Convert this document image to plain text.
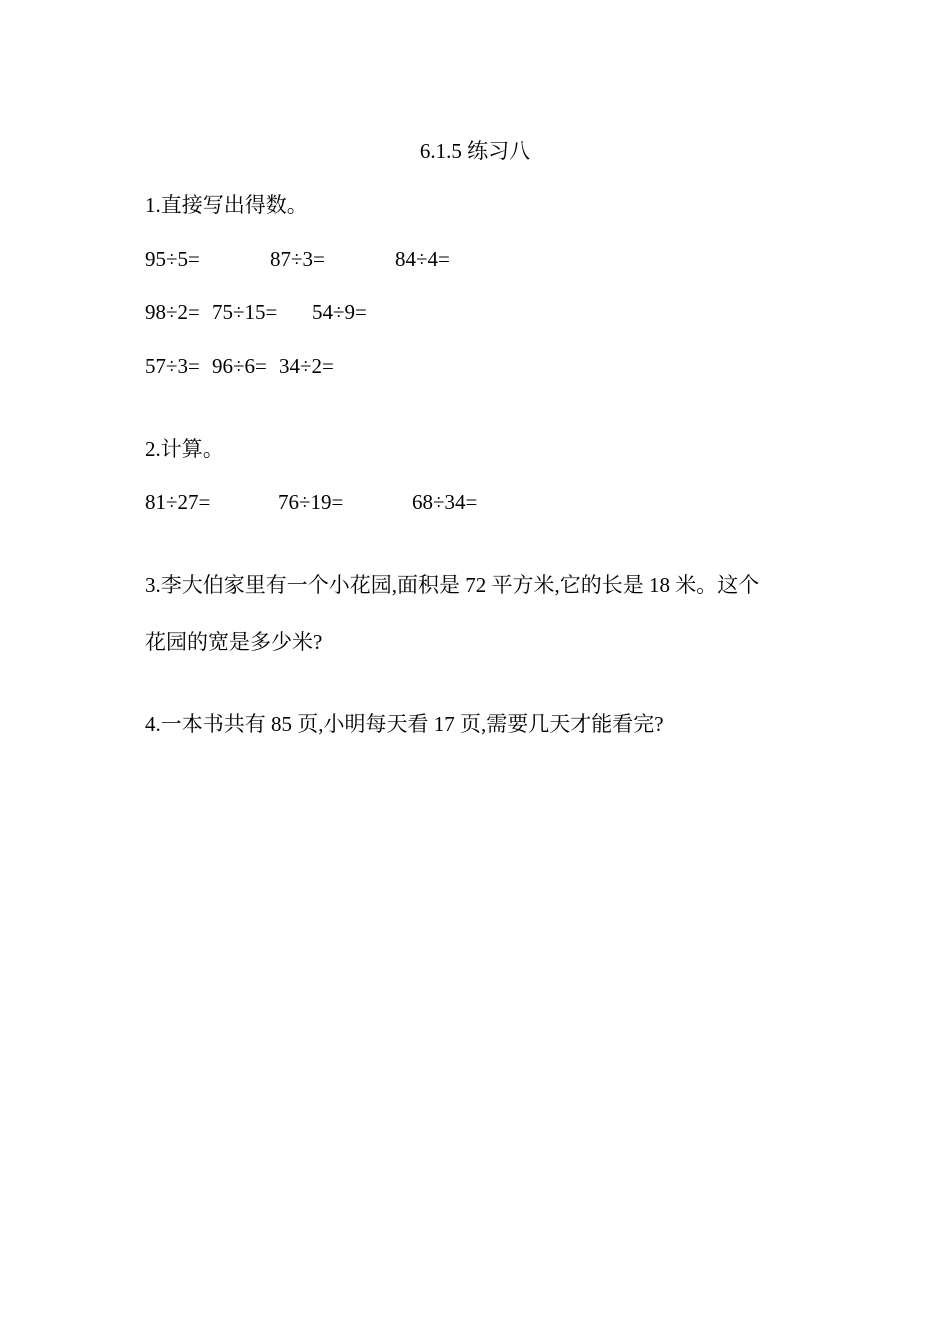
6.1.5 练习八
1.直接写出得数。
95÷5=	87÷3=	84÷4=
98÷2= 75÷15= 54÷9=
57÷3= 96÷6= 34÷2=
2.计算。
81÷27=	76÷19=	68÷34=
3.李大伯家里有一个小花园,面积是 72 平方米,它的长是 18 米。这个
花园的宽是多少米?
4.一本书共有 85 页,小明每天看 17 页,需要几天才能看完?
